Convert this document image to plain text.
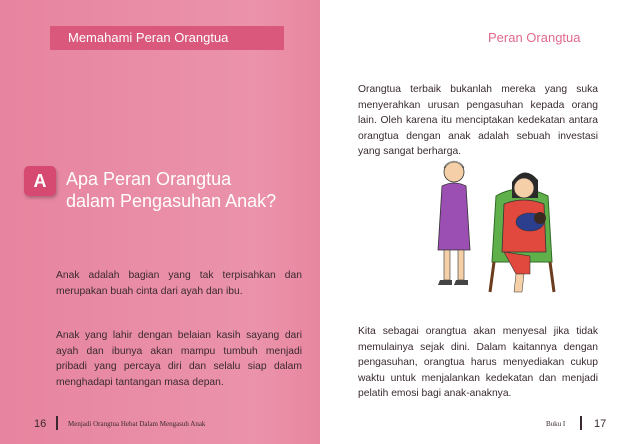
Memahami Peran Orangtua
A	Apa Peran Orangtua
dalam Pengasuhan Anak?
Anak adalah bagian yang tak terpisahkan dan merupakan buah cinta dari ayah dan ibu.
Anak yang lahir dengan belaian kasih sayang dari ayah dan ibunya akan mampu tumbuh menjadi pribadi yang percaya diri dan selalu siap dalam menghadapi tantangan masa depan.
Peran Orangtua
Orangtua terbaik bukanlah mereka yang suka menyerahkan urusan pengasuhan kepada orang lain. Oleh karena itu menciptakan kedekatan antara orangtua dengan anak adalah sebuah investasi yang sangat berharga.
Kita sebagai orangtua akan menyesal jika tidak memulainya sejak dini. Dalam kaitannya dengan pengasuhan, orangtua harus menyediakan cukup waktu untuk menjalankan kedekatan dan menjadi pelatih emosi bagi anak-anaknya.
16	Menjadi Orangtua Hebat Dalam Mengasuh Anak	Buku I	17
